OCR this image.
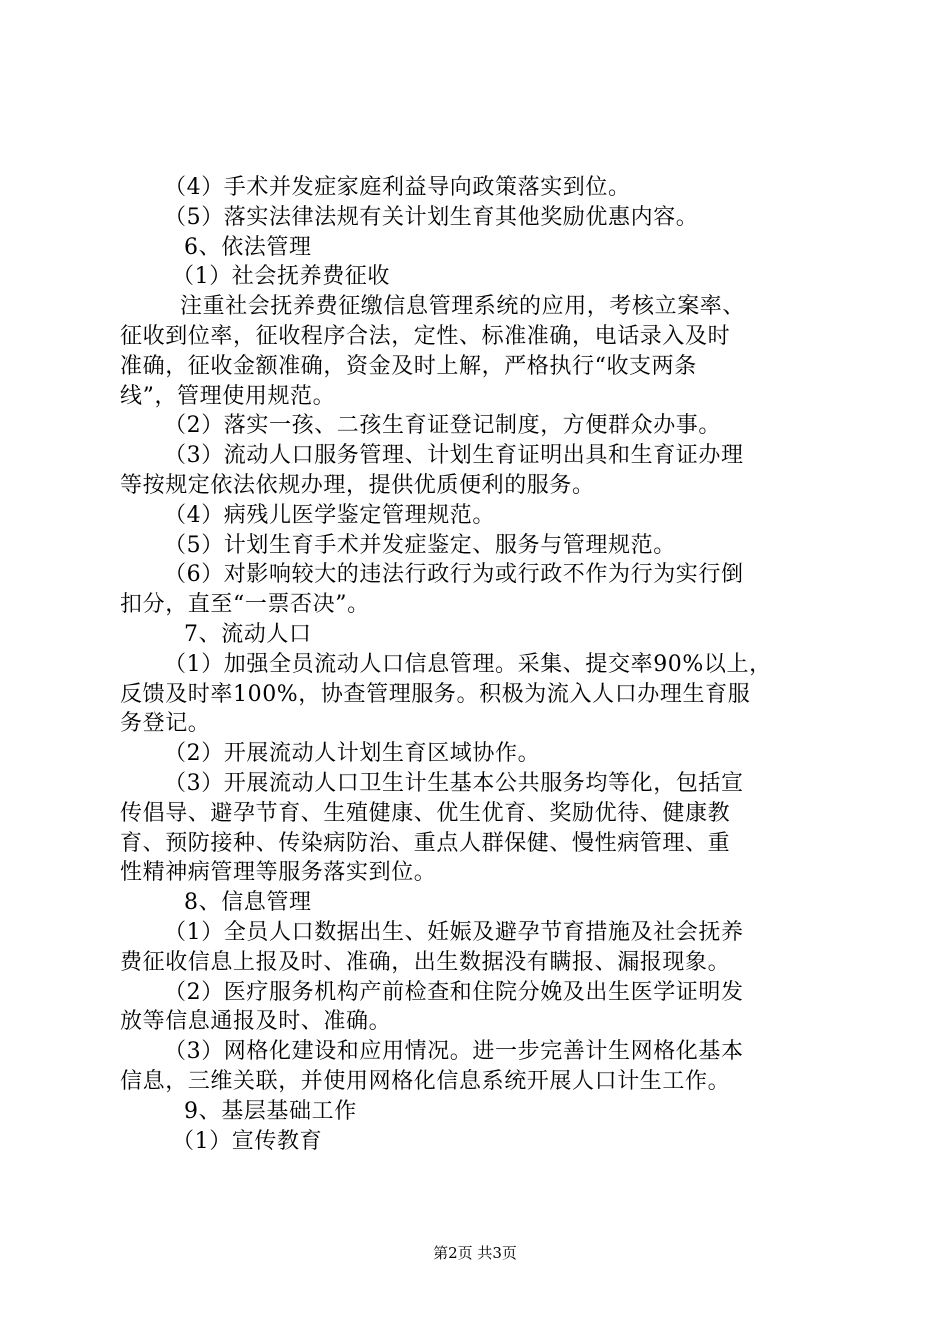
（4）手术并发症家庭利益导向政策落实到位。
（5）落实法律法规有关计划生育其他奖励优惠内容。
6、依法管理
（1）社会抚养费征收
注重社会抚养费征缴信息管理系统的应用，考核立案率、
征收到位率，征收程序合法，定性、标准准确，电话录入及时
准确，征收金额准确，资金及时上解，严格执行“收支两条
线”，管理使用规范。
（2）落实一孩、二孩生育证登记制度，方便群众办事。
（3）流动人口服务管理、计划生育证明出具和生育证办理
等按规定依法依规办理，提供优质便利的服务。
（4）病残儿医学鉴定管理规范。
（5）计划生育手术并发症鉴定、服务与管理规范。
（6）对影响较大的违法行政行为或行政不作为行为实行倒
扣分，直至“一票否决”。
7、流动人口
（1）加强全员流动人口信息管理。采集、提交率90%以上，
反馈及时率100%，协查管理服务。积极为流入人口办理生育服
务登记。
（2）开展流动人计划生育区域协作。
（3）开展流动人口卫生计生基本公共服务均等化，包括宣
传倡导、避孕节育、生殖健康、优生优育、奖励优待、健康教
育、预防接种、传染病防治、重点人群保健、慢性病管理、重
性精神病管理等服务落实到位。
8、信息管理
（1）全员人口数据出生、妊娠及避孕节育措施及社会抚养
费征收信息上报及时、准确，出生数据没有瞒报、漏报现象。
（2）医疗服务机构产前检查和住院分娩及出生医学证明发
放等信息通报及时、准确。
（3）网格化建设和应用情况。进一步完善计生网格化基本
信息，三维关联，并使用网格化信息系统开展人口计生工作。
9、基层基础工作
（1）宣传教育
第2页 共3页
